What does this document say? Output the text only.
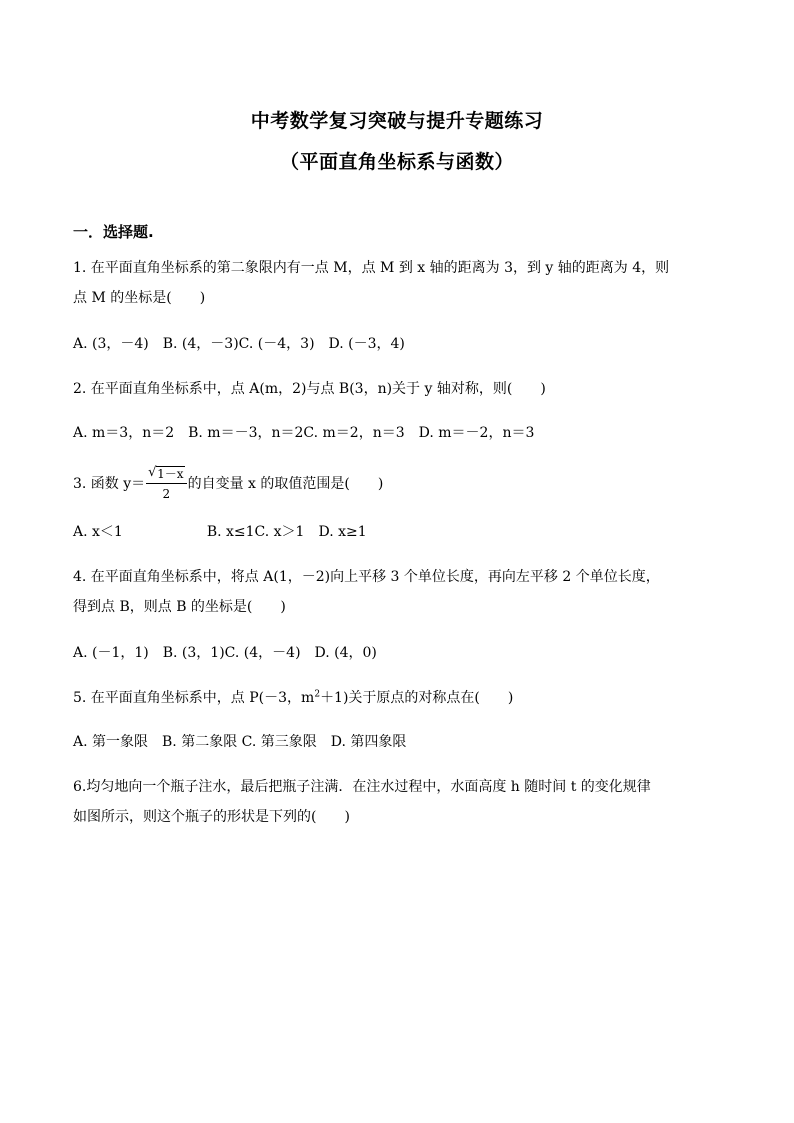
中考数学复习突破与提升专题练习
（平面直角坐标系与函数）
一．选择题.
1. 在平面直角坐标系的第二象限内有一点 M，点 M 到 x 轴的距离为 3，到 y 轴的距离为 4，则
点 M 的坐标是(　　)
A. (3，－4)　B. (4，－3)C. (－4，3)　D. (－3，4)
2. 在平面直角坐标系中，点 A(m，2)与点 B(3，n)关于 y 轴对称，则(　　)
A. m＝3，n＝2　B. m＝－3，n＝2C. m＝2，n＝3　D. m＝－2，n＝3
3. 函数 $y= \frac{√ 1-x}{2}$ 的自变量 x 的取值范围是(　　)
A. x＜1	B. x≤1C. x＞1　D. x≥1
4. 在平面直角坐标系中，将点 A(1，－2)向上平移 3 个单位长度，再向左平移 2 个单位长度，
得到点 B，则点 B 的坐标是(　　)
A. (－1，1)　B. (3，1)C. (4，－4)　D. (4，0)
5. 在平面直角坐标系中，点 P(－3，$m^2+1$)关于原点的对称点在(　　)
A. 第一象限　B. 第二象限 C. 第三象限　D. 第四象限
6.均匀地向一个瓶子注水，最后把瓶子注满．在注水过程中，水面高度 h 随时间 t 的变化规律
如图所示，则这个瓶子的形状是下列的(　　)
